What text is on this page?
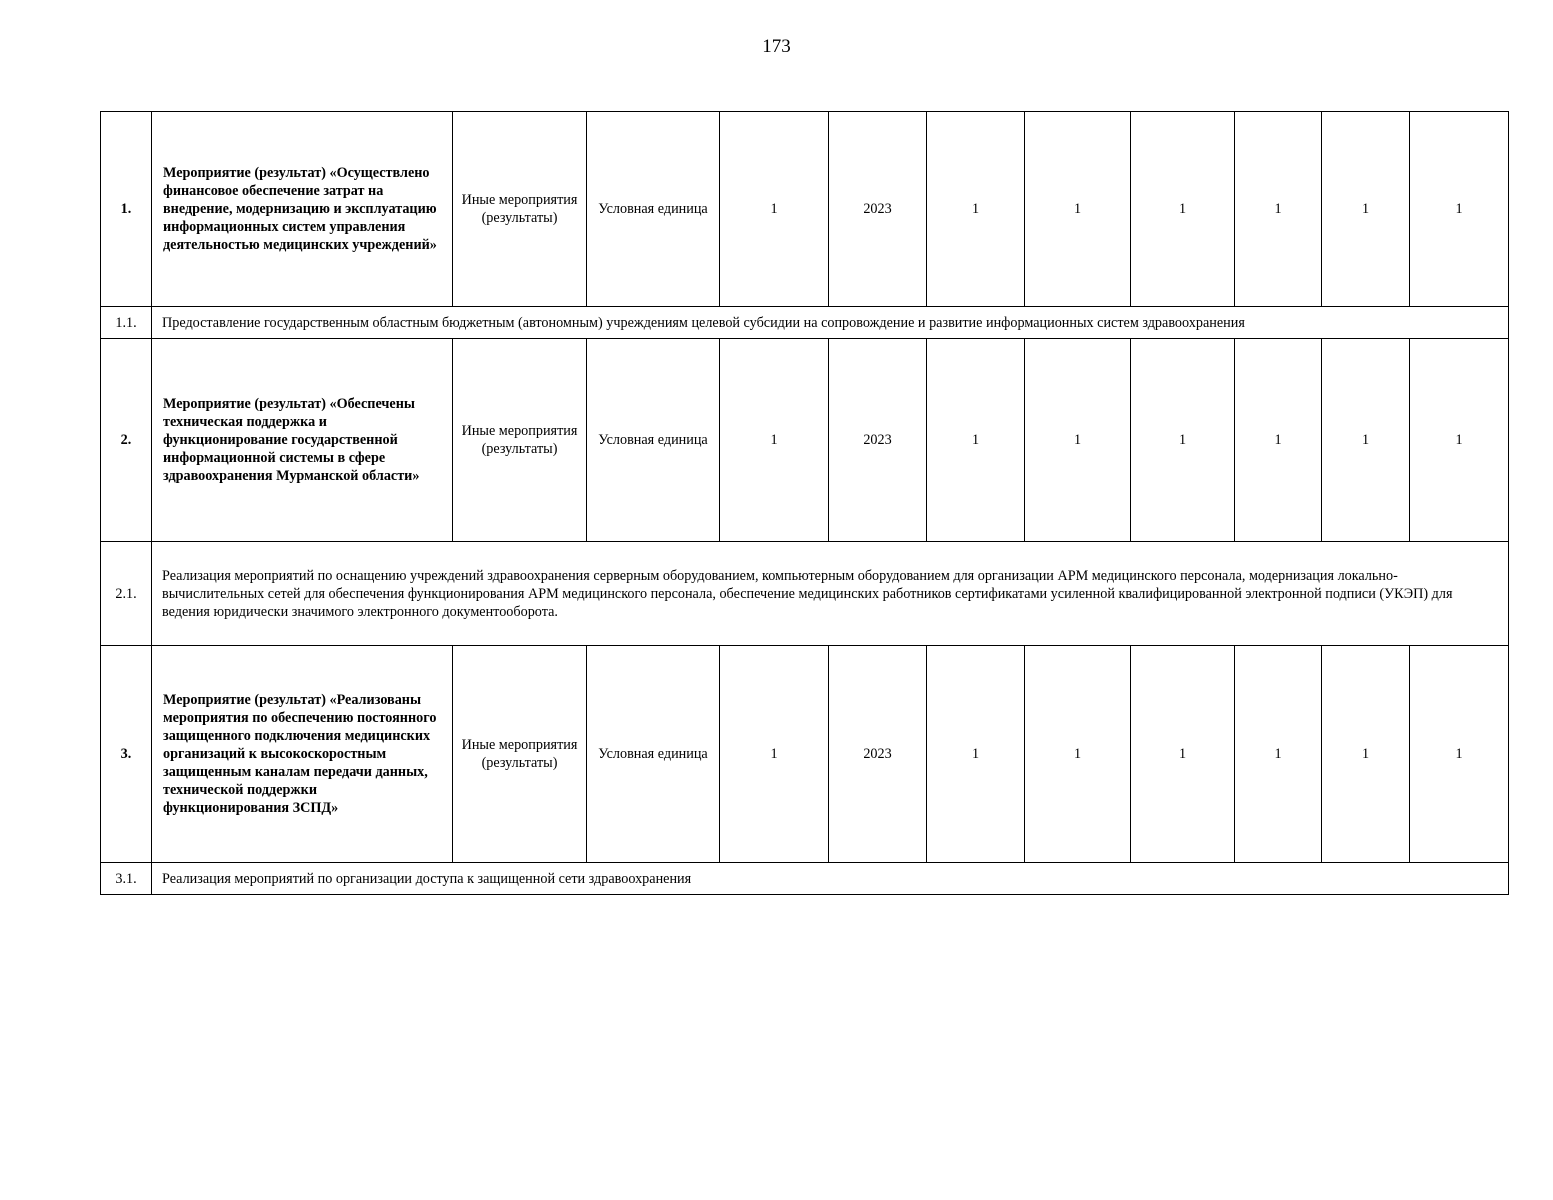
173
1.	Мероприятие (результат) «Осуществлено финансовое обеспечение затрат на внедрение, модернизацию и эксплуатацию информационных систем управления деятельностью медицинских учреждений»	Иные мероприятия (результаты)	Условная единица	1	2023	1	1	1	1	1	1
1.1.	Предоставление государственным областным бюджетным (автономным) учреждениям целевой субсидии на сопровождение и развитие информационных систем здравоохранения										
2.	Мероприятие (результат) «Обеспечены техническая поддержка и функционирование государственной информационной системы в сфере здравоохранения Мурманской области»	Иные мероприятия (результаты)	Условная единица	1	2023	1	1	1	1	1	1
2.1.	Реализация мероприятий по оснащению учреждений здравоохранения серверным оборудованием, компьютерным оборудованием для организации АРМ медицинского персонала, модернизация локально-вычислительных сетей для обеспечения функционирования АРМ медицинского персонала, обеспечение медицинских работников сертификатами усиленной квалифицированной электронной подписи (УКЭП) для ведения юридически значимого электронного документооборота.										
3.	Мероприятие (результат) «Реализованы мероприятия по обеспечению постоянного защищенного подключения медицинских организаций к высокоскоростным защищенным каналам передачи данных, технической поддержки функционирования ЗСПД»	Иные мероприятия (результаты)	Условная единица	1	2023	1	1	1	1	1	1
3.1.	Реализация мероприятий по организации доступа к защищенной сети здравоохранения										
